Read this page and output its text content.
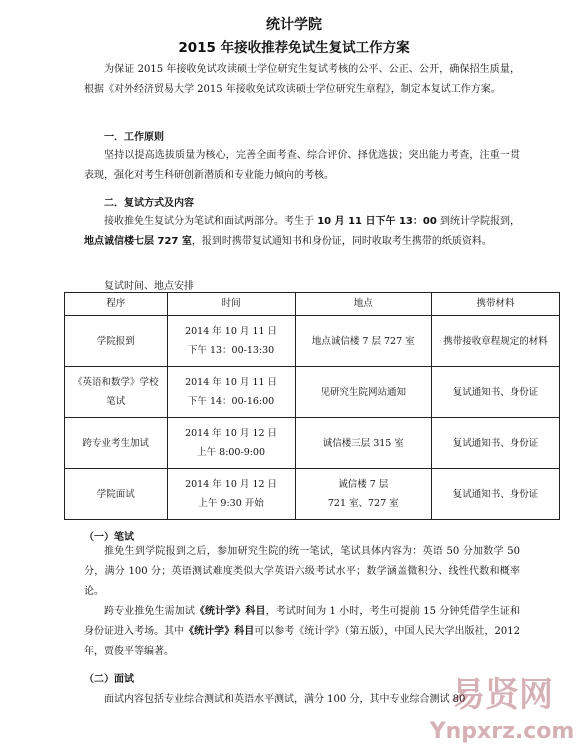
统计学院
2015 年接收推荐免试生复试工作方案
为保证 2015 年接收免试攻读硕士学位研究生复试考核的公平、公正、公开，确保招生质量，根据《对外经济贸易大学 2015 年接收免试攻读硕士学位研究生章程》，制定本复试工作方案。
一．工作原则
坚持以提高选拔质量为核心，完善全面考查、综合评价、择优选拔；突出能力考查，注重一贯表现，强化对考生科研创新潜质和专业能力倾向的考核。
二．复试方式及内容
接收推免生复试分为笔试和面试两部分。考生于 10 月 11 日下午 13：00 到统计学院报到，地点诚信楼七层 727 室，报到时携带复试通知书和身份证，同时收取考生携带的纸质资料。
复试时间、地点安排
程序	时间	地点	携带材料
学院报到	2014 年 10 月 11 日
下午 13：00-13:30	地点诚信楼 7 层 727 室	携带接收章程规定的材料
《英语和数学》学校笔试	2014 年 10 月 11 日
下午 14：00-16:00	见研究生院网站通知	复试通知书、身份证
跨专业考生加试	2014 年 10 月 12 日
上午 8:00-9:00	诚信楼三层 315 室	复试通知书、身份证
学院面试	2014 年 10 月 12 日
上午 9:30 开始	诚信楼 7 层
721 室、727 室	复试通知书、身份证
（一）笔试
推免生到学院报到之后，参加研究生院的统一笔试，笔试具体内容为：英语 50 分加数学 50 分，满分 100 分；英语测试难度类似大学英语六级考试水平；数学涵盖微积分、线性代数和概率论。
跨专业推免生需加试《统计学》科目，考试时间为 1 小时，考生可提前 15 分钟凭借学生证和身份证进入考场。其中《统计学》科目可以参考《统计学》（第五版），中国人民大学出版社，2012 年，贾俊平等编著。
（二）面试
面试内容包括专业综合测试和英语水平测试，满分 100 分，其中专业综合测试 80
易贤网
Ynpxrz.com
